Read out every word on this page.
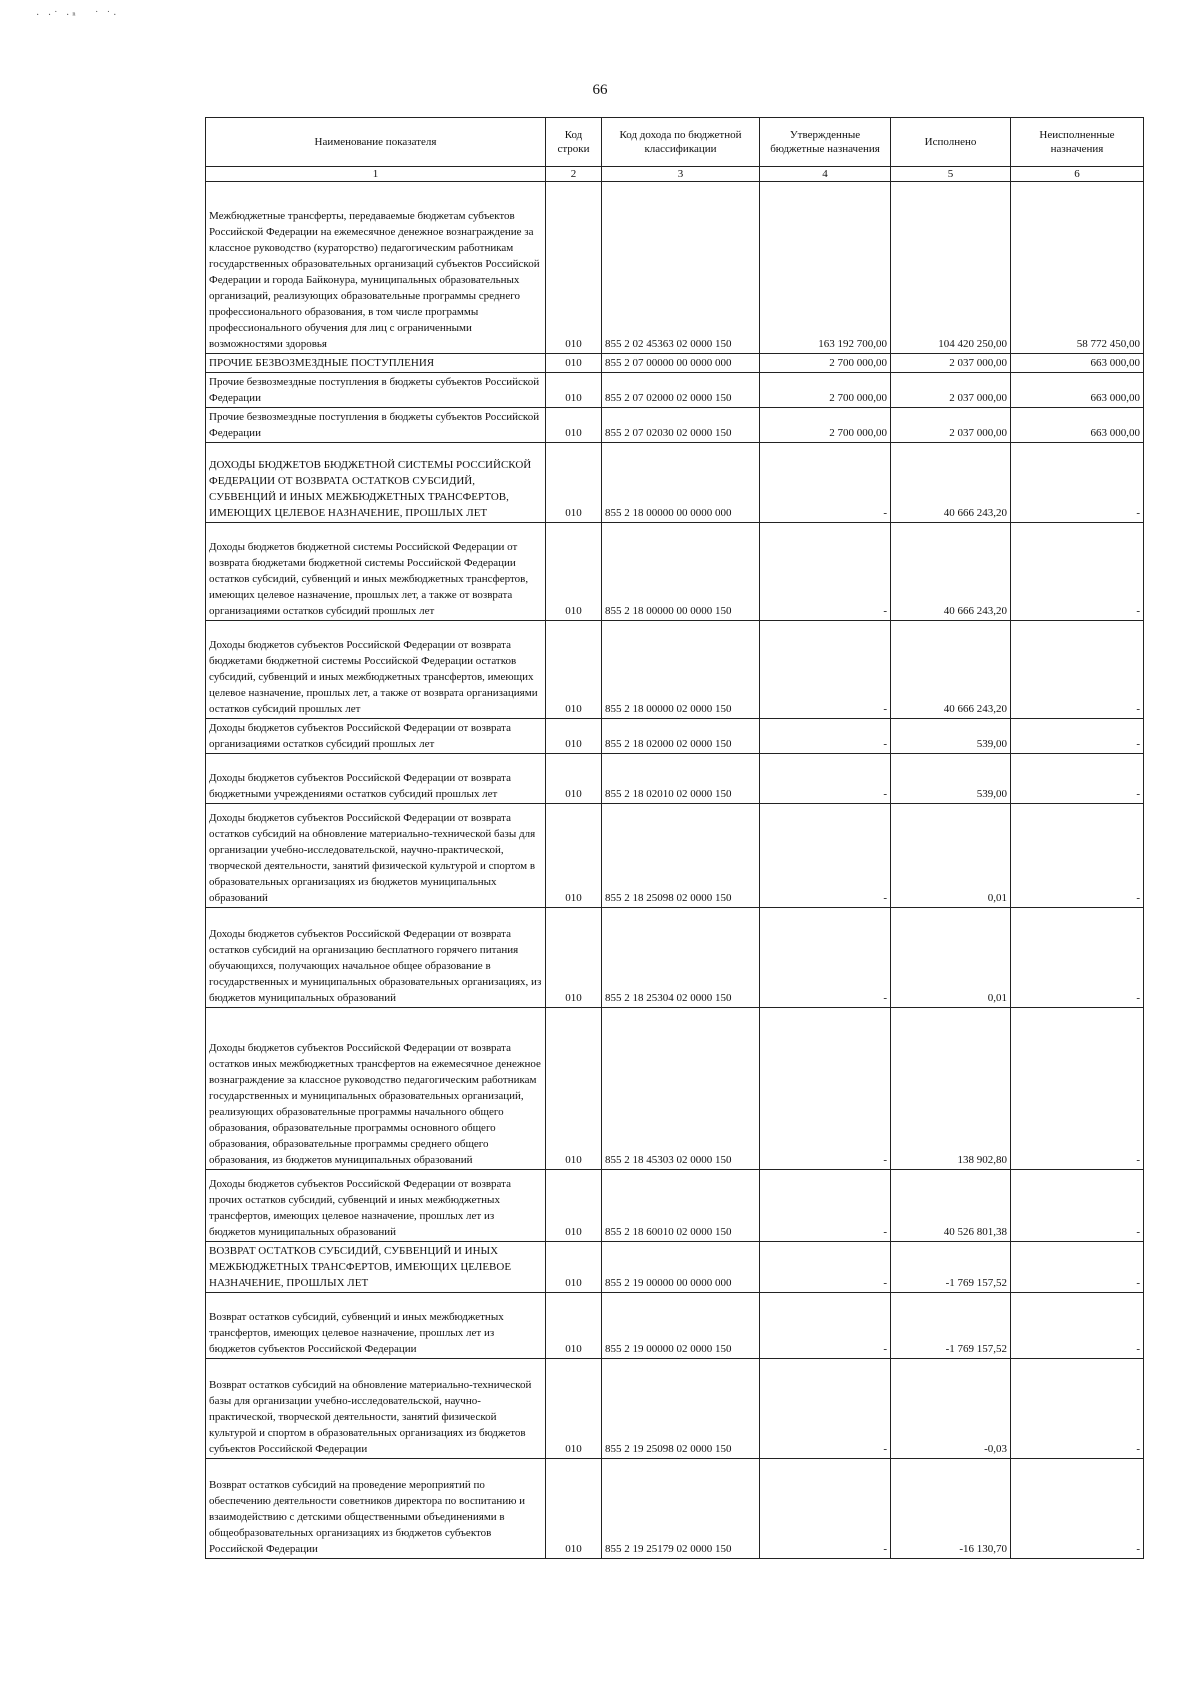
· ·˙ ·ⁿ   ˙ ˙·
66
Наименование показателя	Код строки	Код дохода по бюджетной классификации	Утвержденные бюджетные назначения	Исполнено	Неисполненные назначения
1	2	3	4	5	6
Межбюджетные трансферты, передаваемые бюджетам субъектов Российской Федерации на ежемесячное денежное вознаграждение за классное руководство (кураторство) педагогическим работникам государственных образовательных организаций субъектов Российской Федерации и города Байконура, муниципальных образовательных организаций, реализующих образовательные программы среднего профессионального образования, в том числе программы профессионального обучения для лиц с ограниченными возможностями здоровья	010	855 2 02 45363 02 0000 150	163 192 700,00	104 420 250,00	58 772 450,00
ПРОЧИЕ БЕЗВОЗМЕЗДНЫЕ ПОСТУПЛЕНИЯ	010	855 2 07 00000 00 0000 000	2 700 000,00	2 037 000,00	663 000,00
Прочие безвозмездные поступления в бюджеты субъектов Российской Федерации	010	855 2 07 02000 02 0000 150	2 700 000,00	2 037 000,00	663 000,00
Прочие безвозмездные поступления в бюджеты субъектов Российской Федерации	010	855 2 07 02030 02 0000 150	2 700 000,00	2 037 000,00	663 000,00
ДОХОДЫ БЮДЖЕТОВ БЮДЖЕТНОЙ СИСТЕМЫ РОССИЙСКОЙ ФЕДЕРАЦИИ ОТ ВОЗВРАТА ОСТАТКОВ СУБСИДИЙ, СУБВЕНЦИЙ И ИНЫХ МЕЖБЮДЖЕТНЫХ ТРАНСФЕРТОВ, ИМЕЮЩИХ ЦЕЛЕВОЕ НАЗНАЧЕНИЕ, ПРОШЛЫХ ЛЕТ	010	855 2 18 00000 00 0000 000	-	40 666 243,20	-
Доходы бюджетов бюджетной системы Российской Федерации от возврата бюджетами бюджетной системы Российской Федерации остатков субсидий, субвенций и иных межбюджетных трансфертов, имеющих целевое назначение, прошлых лет, а также от возврата организациями остатков субсидий прошлых лет	010	855 2 18 00000 00 0000 150	-	40 666 243,20	-
Доходы бюджетов субъектов Российской Федерации от возврата бюджетами бюджетной системы Российской Федерации остатков субсидий, субвенций и иных межбюджетных трансфертов, имеющих целевое назначение, прошлых лет, а также от возврата организациями остатков субсидий прошлых лет	010	855 2 18 00000 02 0000 150	-	40 666 243,20	-
Доходы бюджетов субъектов Российской Федерации от возврата организациями остатков субсидий прошлых лет	010	855 2 18 02000 02 0000 150	-	539,00	-
Доходы бюджетов субъектов Российской Федерации от возврата бюджетными учреждениями остатков субсидий прошлых лет	010	855 2 18 02010 02 0000 150	-	539,00	-
Доходы бюджетов субъектов Российской Федерации от возврата остатков субсидий на обновление материально-технической базы для организации учебно-исследовательской, научно-практической, творческой деятельности, занятий физической культурой и спортом в образовательных организациях из бюджетов муниципальных образований	010	855 2 18 25098 02 0000 150	-	0,01	-
Доходы бюджетов субъектов Российской Федерации от возврата остатков субсидий на организацию бесплатного горячего питания обучающихся, получающих начальное общее образование в государственных и муниципальных образовательных организациях, из бюджетов муниципальных образований	010	855 2 18 25304 02 0000 150	-	0,01	-
Доходы бюджетов субъектов Российской Федерации от возврата остатков иных межбюджетных трансфертов на ежемесячное денежное вознаграждение за классное руководство педагогическим работникам государственных и муниципальных образовательных организаций, реализующих образовательные программы начального общего образования, образовательные программы основного общего образования, образовательные программы среднего общего образования, из бюджетов муниципальных образований	010	855 2 18 45303 02 0000 150	-	138 902,80	-
Доходы бюджетов субъектов Российской Федерации от возврата прочих остатков субсидий, субвенций и иных межбюджетных трансфертов, имеющих целевое назначение, прошлых лет из бюджетов муниципальных образований	010	855 2 18 60010 02 0000 150	-	40 526 801,38	-
ВОЗВРАТ ОСТАТКОВ СУБСИДИЙ, СУБВЕНЦИЙ И ИНЫХ МЕЖБЮДЖЕТНЫХ ТРАНСФЕРТОВ, ИМЕЮЩИХ ЦЕЛЕВОЕ НАЗНАЧЕНИЕ, ПРОШЛЫХ ЛЕТ	010	855 2 19 00000 00 0000 000	-	-1 769 157,52	-
Возврат остатков субсидий, субвенций и иных межбюджетных трансфертов, имеющих целевое назначение, прошлых лет из бюджетов субъектов Российской Федерации	010	855 2 19 00000 02 0000 150	-	-1 769 157,52	-
Возврат остатков субсидий на обновление материально-технической базы для организации учебно-исследовательской, научно-практической, творческой деятельности, занятий физической культурой и спортом в образовательных организациях из бюджетов субъектов Российской Федерации	010	855 2 19 25098 02 0000 150	-	-0,03	-
Возврат остатков субсидий на проведение мероприятий по обеспечению деятельности советников директора по воспитанию и взаимодействию с детскими общественными объединениями в общеобразовательных организациях из бюджетов субъектов Российской Федерации	010	855 2 19 25179 02 0000 150	-	-16 130,70	-
